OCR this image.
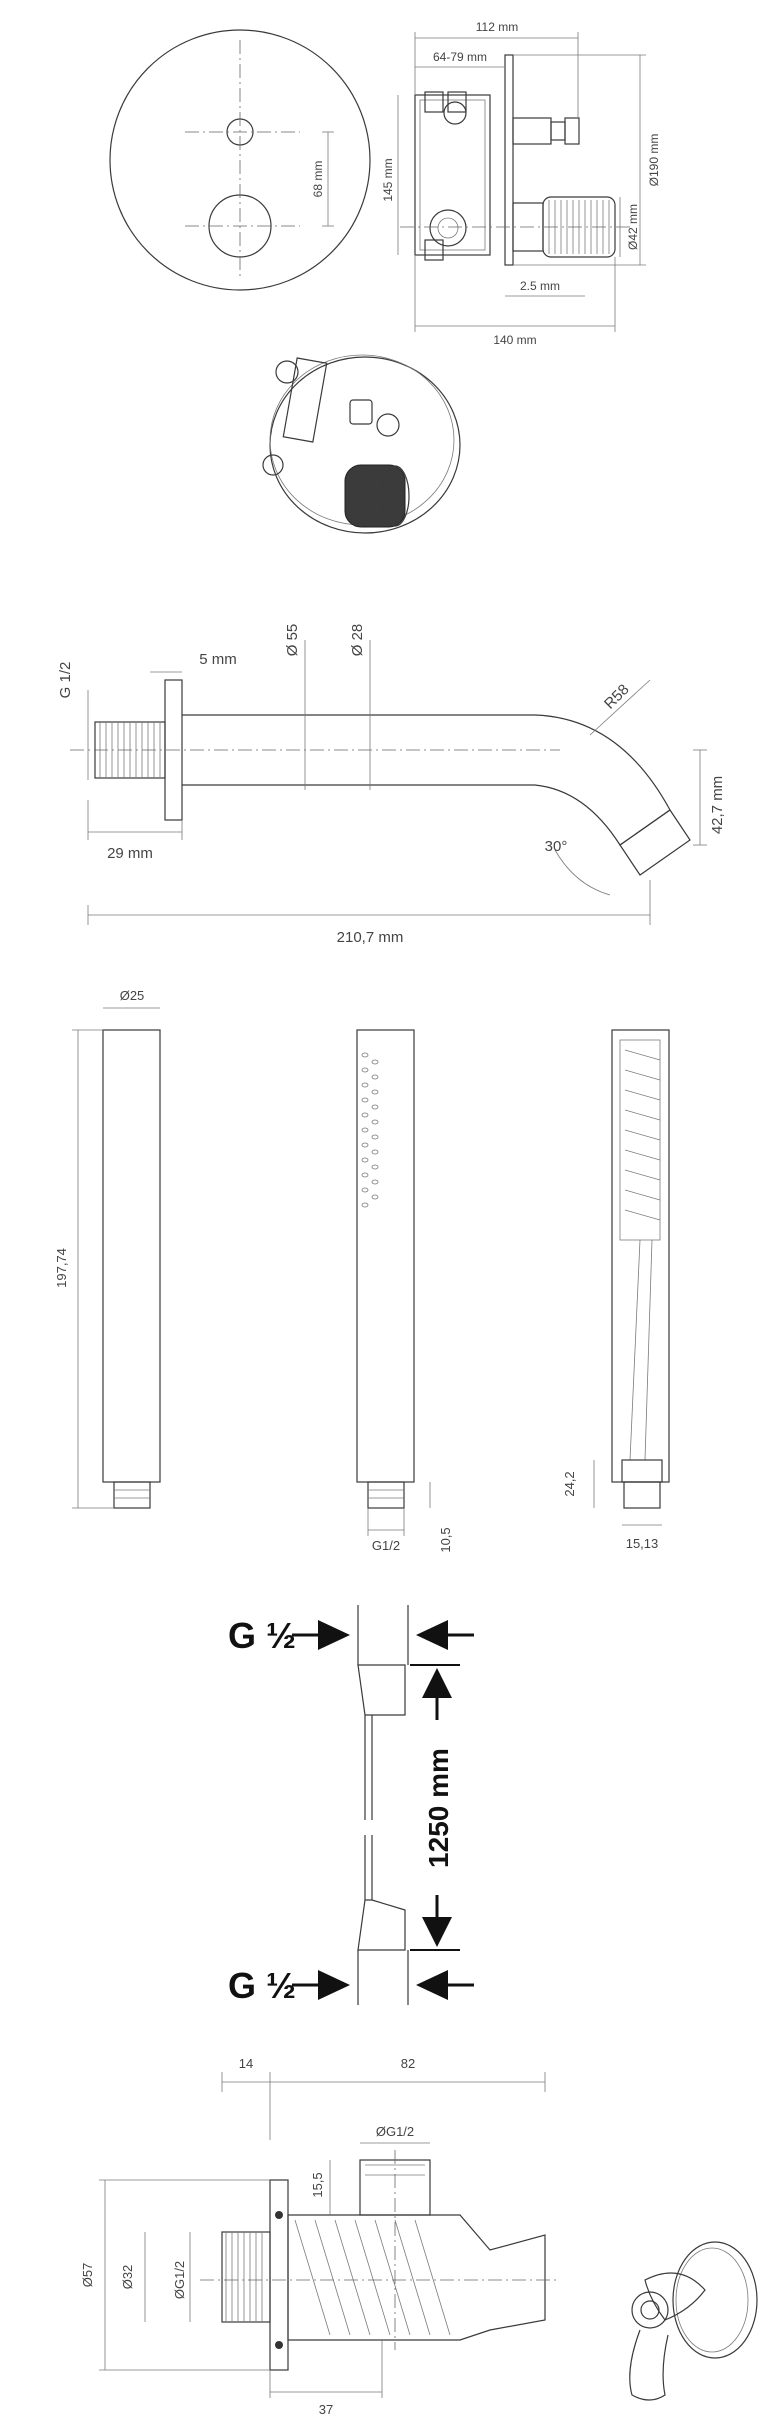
68 mm
112 mm
64-79 mm
145 mm	Ø190 mm
Ø42 mm
2.5 mm
140 mm
G 1/2
5 mm
Ø 55	Ø 28
R58
42,7 mm
30°
29 mm
210,7 mm
Ø25
197,74
G1/2	10,5
24,2
15,13
G ½
G ½
1250 mm
14	82
ØG1/2
15,5
Ø57 Ø32	ØG1/2
37
